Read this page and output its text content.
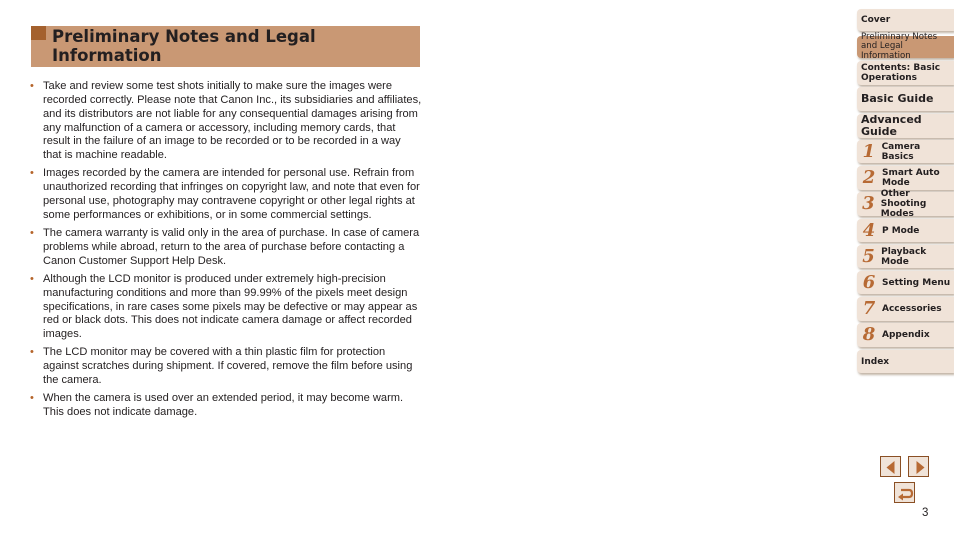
Preliminary Notes and Legal
Information
• Take and review some test shots initially to make sure the images were recorded correctly. Please note that Canon Inc., its subsidiaries and affiliates, and its distributors are not liable for any consequential damages arising from any malfunction of a camera or accessory, including memory cards, that result in the failure of an image to be recorded or to be recorded in a way that is machine readable.
• Images recorded by the camera are intended for personal use. Refrain from unauthorized recording that infringes on copyright law, and note that even for personal use, photography may contravene copyright or other legal rights at some performances or exhibitions, or in some commercial settings.
• The camera warranty is valid only in the area of purchase. In case of camera problems while abroad, return to the area of purchase before contacting a Canon Customer Support Help Desk.
• Although the LCD monitor is produced under extremely high-precision manufacturing conditions and more than 99.99% of the pixels meet design specifications, in rare cases some pixels may be defective or may appear as red or black dots. This does not indicate camera damage or affect recorded images.
• The LCD monitor may be covered with a thin plastic film for protection against scratches during shipment. If covered, remove the film before using the camera.
• When the camera is used over an extended period, it may become warm. This does not indicate damage.
Cover
Preliminary Notes
and Legal Information
Contents: Basic
Operations
Basic Guide
Advanced Guide
1 Camera Basics
2 Smart Auto
Mode
3 Other Shooting
Modes
4 P Mode
5 Playback Mode
6 Setting Menu
7 Accessories
8 Appendix
Index
3
